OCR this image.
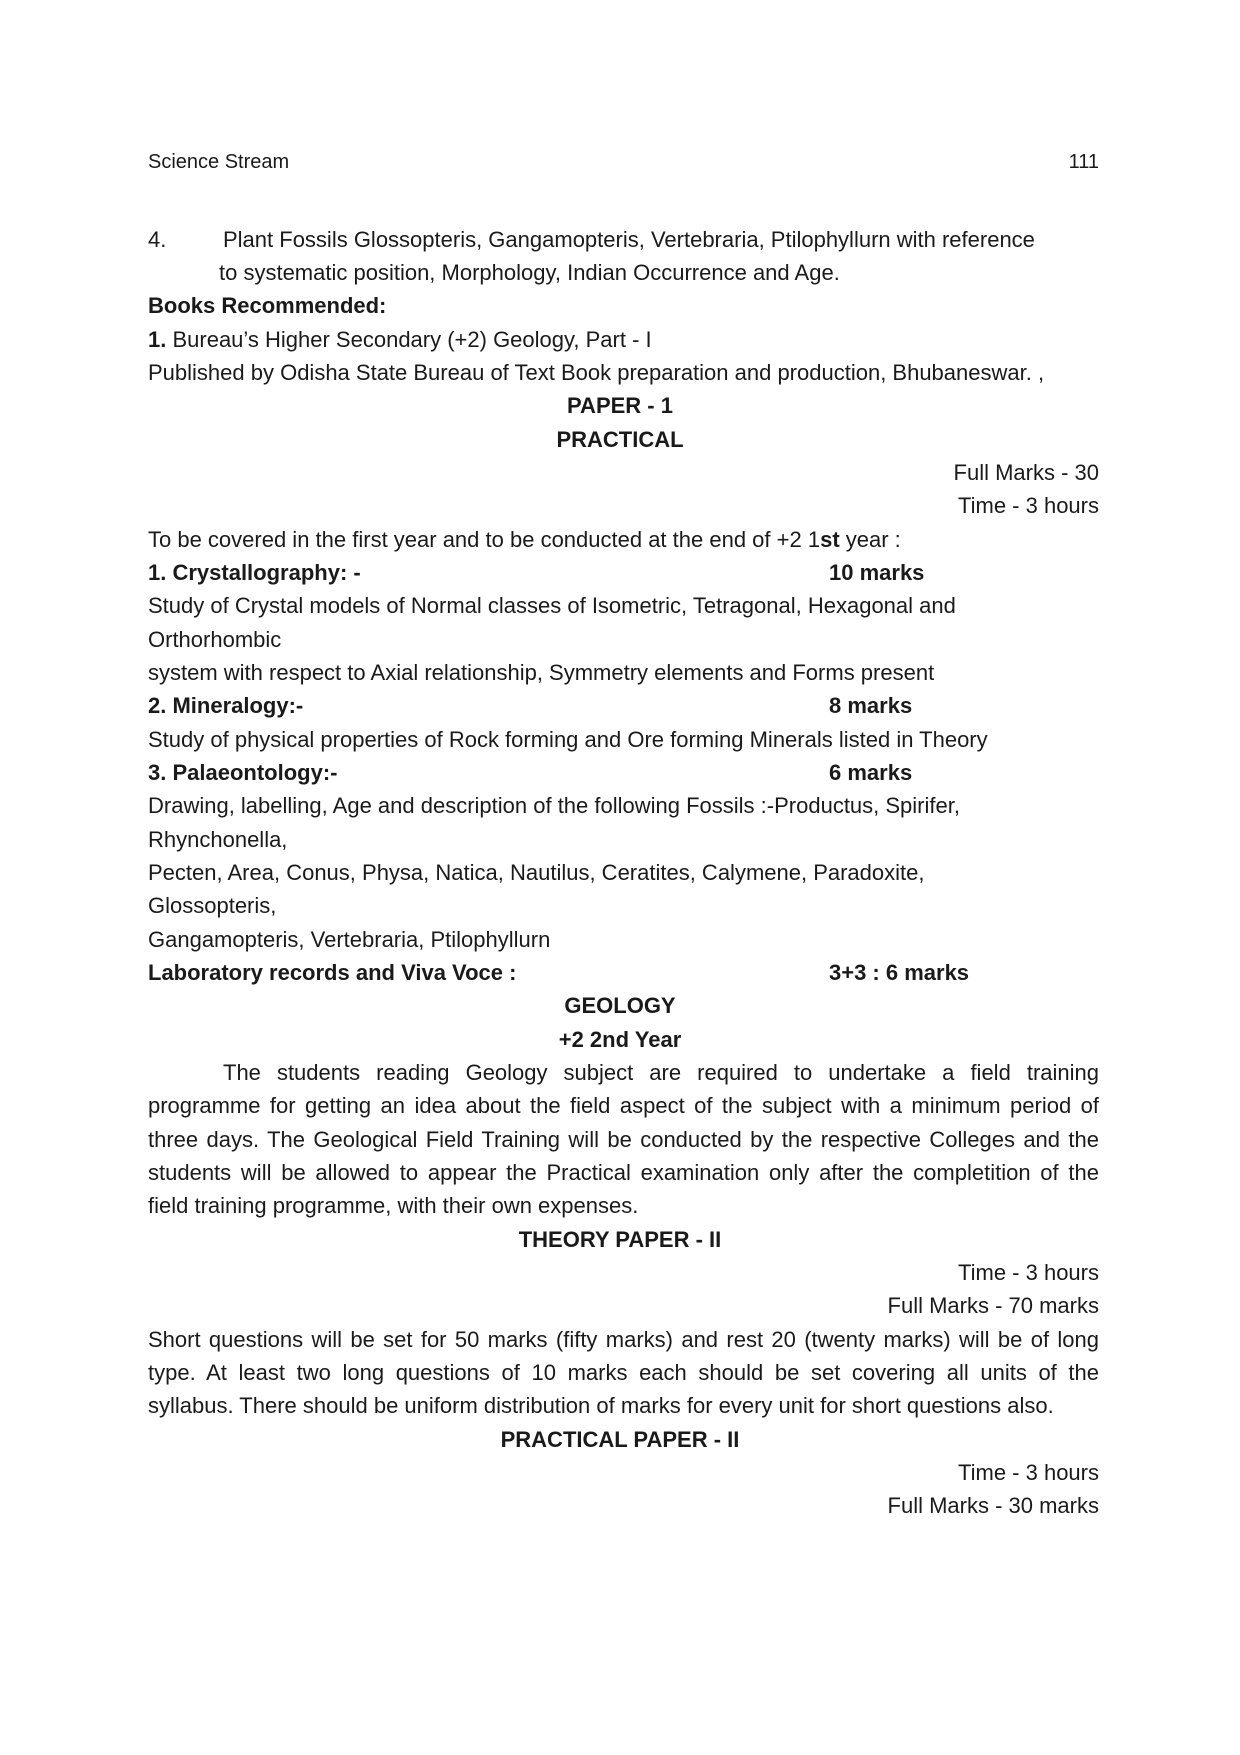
Science Stream	111
4.	Plant Fossils Glossopteris, Gangamopteris, Vertebraria, Ptilophyllurn with reference
to systematic position, Morphology, Indian Occurrence and Age.
Books Recommended:
1. Bureau’s Higher Secondary (+2) Geology, Part - I
Published by Odisha State Bureau of Text Book preparation and production, Bhubaneswar. ,
PAPER - 1
PRACTICAL
Full Marks - 30
Time - 3 hours
To be covered in the first year and to be conducted at the end of +2 1st year :
1. Crystallography: -	10 marks
Study of Crystal models of Normal classes of Isometric, Tetragonal, Hexagonal and
Orthorhombic
system with respect to Axial relationship, Symmetry elements and Forms present
2. Mineralogy:-	8 marks
Study of physical properties of Rock forming and Ore forming Minerals listed in Theory
3. Palaeontology:-	6 marks
Drawing, labelling, Age and description of the following Fossils :-Productus, Spirifer,
Rhynchonella,
Pecten, Area, Conus, Physa, Natica, Nautilus, Ceratites, Calymene, Paradoxite,
Glossopteris,
Gangamopteris, Vertebraria, Ptilophyllurn
Laboratory records and Viva Voce :	3+3 : 6 marks
GEOLOGY
+2 2nd Year
The students reading Geology subject are required to undertake a field training
programme for getting an idea about the field aspect of the subject with a minimum period of
three days. The Geological Field Training will be conducted by the respective Colleges and the
students will be allowed to appear the Practical examination only after the completition of the
field training programme, with their own expenses.
THEORY PAPER - II
Time - 3 hours
Full Marks - 70 marks
Short questions will be set for 50 marks (fifty marks) and rest 20 (twenty marks) will be of long
type. At least two long questions of 10 marks each should be set covering all units of the
syllabus. There should be uniform distribution of marks for every unit for short questions also.
PRACTICAL PAPER - II
Time - 3 hours
Full Marks - 30 marks
